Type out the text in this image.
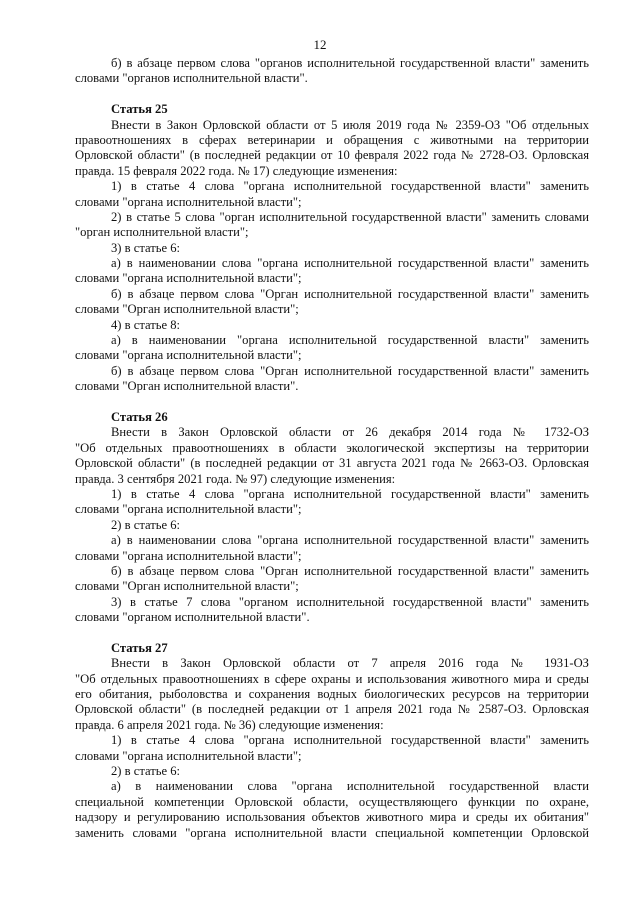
12
б) в абзаце первом слова "органов исполнительной государственной власти" заменить
словами "органов исполнительной власти".
Статья 25
Внести в Закон Орловской области от 5 июля 2019 года № 2359-ОЗ "Об отдельных
правоотношениях в сферах ветеринарии и обращения с животными на территории
Орловской области" (в последней редакции от 10 февраля 2022 года № 2728-ОЗ. Орловская
правда. 15 февраля 2022 года. № 17) следующие изменения:
1) в статье 4 слова "органа исполнительной государственной власти" заменить
словами "органа исполнительной власти";
2) в статье 5 слова "орган исполнительной государственной власти" заменить словами
"орган исполнительной власти";
3) в статье 6:
а) в наименовании слова "органа исполнительной государственной власти" заменить
словами "органа исполнительной власти";
б) в абзаце первом слова "Орган исполнительной государственной власти" заменить
словами "Орган исполнительной власти";
4) в статье 8:
а) в наименовании "органа исполнительной государственной власти" заменить
словами "органа исполнительной власти";
б) в абзаце первом слова "Орган исполнительной государственной власти" заменить
словами "Орган исполнительной власти".
Статья 26
Внести в Закон Орловской области от 26 декабря 2014 года № 1732-ОЗ
"Об отдельных правоотношениях в области экологической экспертизы на территории
Орловской области" (в последней редакции от 31 августа 2021 года № 2663-ОЗ. Орловская
правда. 3 сентября 2021 года. № 97) следующие изменения:
1) в статье 4 слова "органа исполнительной государственной власти" заменить
словами "органа исполнительной власти";
2) в статье 6:
а) в наименовании слова "органа исполнительной государственной власти" заменить
словами "органа исполнительной власти";
б) в абзаце первом слова "Орган исполнительной государственной власти" заменить
словами "Орган исполнительной власти";
3) в статье 7 слова "органом исполнительной государственной власти" заменить
словами "органом исполнительной власти".
Статья 27
Внести в Закон Орловской области от 7 апреля 2016 года № 1931-ОЗ
"Об отдельных правоотношениях в сфере охраны и использования животного мира и среды
его обитания, рыболовства и сохранения водных биологических ресурсов на территории
Орловской области" (в последней редакции от 1 апреля 2021 года № 2587-ОЗ. Орловская
правда. 6 апреля 2021 года. № 36) следующие изменения:
1) в статье 4 слова "органа исполнительной государственной власти" заменить
словами "органа исполнительной власти";
2) в статье 6:
а) в наименовании слова "органа исполнительной государственной власти
специальной компетенции Орловской области, осуществляющего функции по охране,
надзору и регулированию использования объектов животного мира и среды их обитания"
заменить словами "органа исполнительной власти специальной компетенции Орловской
